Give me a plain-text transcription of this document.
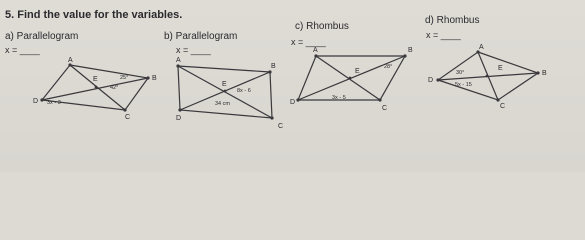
5. Find the value for the variables.
a) Parallelogram
x = ____
b) Parallelogram
x = ____
c) Rhombus
x = ____
d) Rhombus
x = ____
A
B
C
D
E	25°
42°
3x - 3
A
B
C
D
E
8x - 6
34 cm
A	B
C
D
E
28°
3x - 5
A
B
C
D
E
30°
5x - 15
